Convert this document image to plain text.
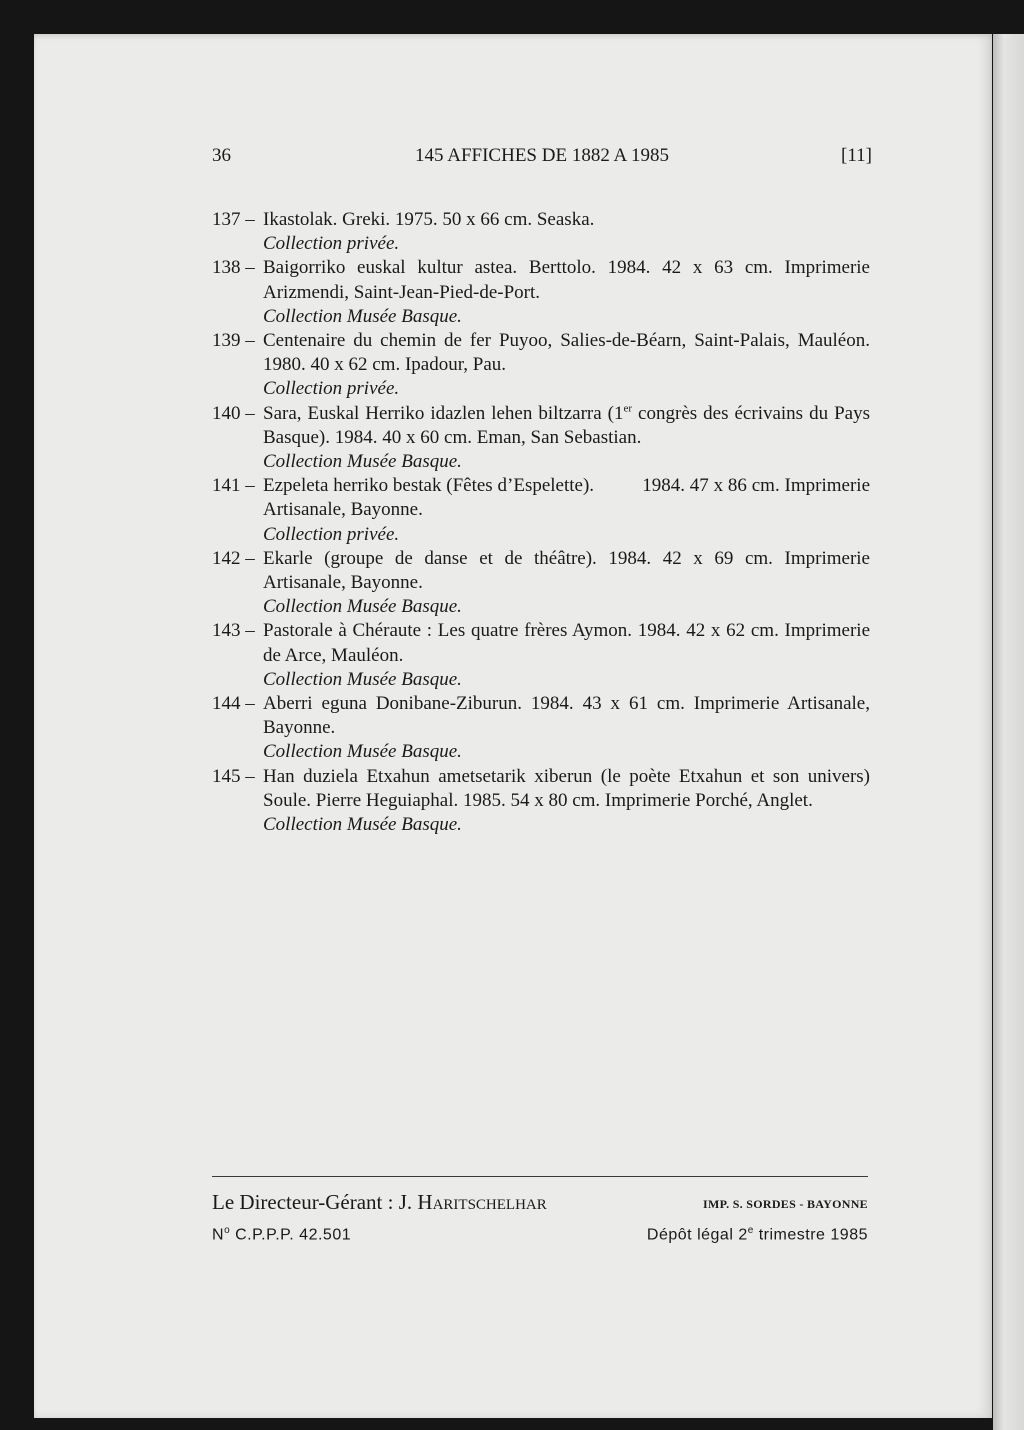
36	145 AFFICHES DE 1882 A 1985	[11]
137 – Ikastolak. Greki. 1975. 50 x 66 cm. Seaska.
Collection privée.
138 – Baigorriko euskal kultur astea. Berttolo. 1984. 42 x 63 cm. Imprimerie Arizmendi, Saint-Jean-Pied-de-Port.
Collection Musée Basque.
139 – Centenaire du chemin de fer Puyoo, Salies-de-Béarn, Saint-Palais, Mauléon. 1980. 40 x 62 cm. Ipadour, Pau.
Collection privée.
140 – Sara, Euskal Herriko idazlen lehen biltzarra (1er congrès des écrivains du Pays Basque). 1984. 40 x 60 cm. Eman, San Sebastian.
Collection Musée Basque.
141 – Ezpeleta herriko bestak (Fêtes d’Espelette).          1984. 47 x 86 cm. Imprimerie Artisanale, Bayonne.
Collection privée.
142 – Ekarle (groupe de danse et de théâtre). 1984. 42 x 69 cm. Imprimerie Artisanale, Bayonne.
Collection Musée Basque.
143 – Pastorale à Chéraute : Les quatre frères Aymon. 1984. 42 x 62 cm. Imprimerie de Arce, Mauléon.
Collection Musée Basque.
144 – Aberri eguna Donibane-Ziburun. 1984. 43 x 61 cm. Imprimerie Artisanale, Bayonne.
Collection Musée Basque.
145 – Han duziela Etxahun ametsetarik xiberun (le poète Etxahun et son univers) Soule. Pierre Heguiaphal. 1985. 54 x 80 cm. Imprimerie Porché, Anglet.
Collection Musée Basque.
Le Directeur-Gérant : J. Haritschelhar	IMP. S. SORDES - BAYONNE
$N^o$ C.P.P.P. 42.501	Dépôt légal 2e trimestre 1985
